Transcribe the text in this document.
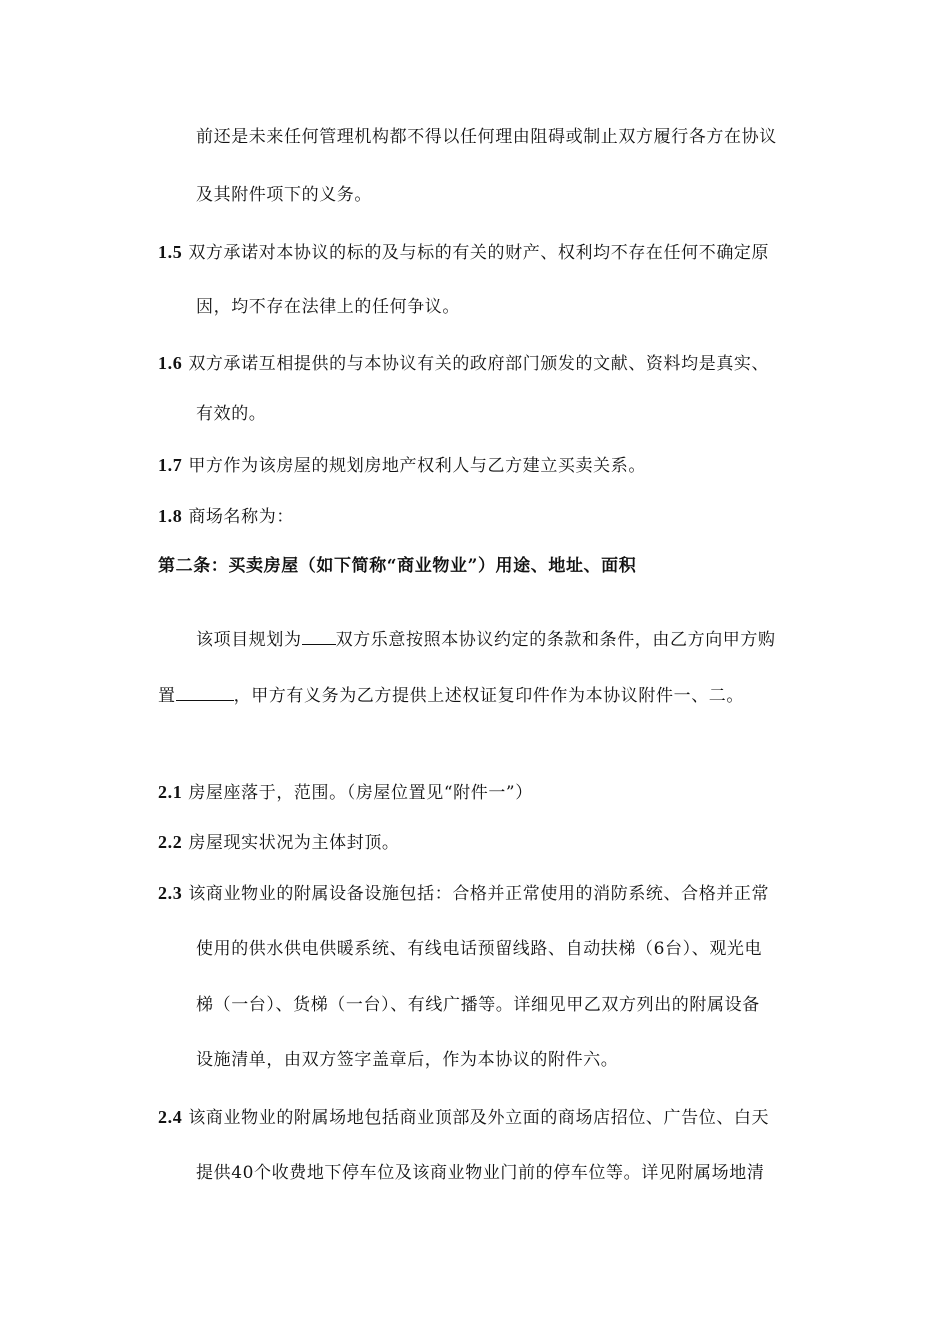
前还是未来任何管理机构都不得以任何理由阻碍或制止双方履行各方在协议
及其附件项下的义务。
1.5 双方承诺对本协议的标的及与标的有关的财产、权利均不存在任何不确定原
因，均不存在法律上的任何争议。
1.6 双方承诺互相提供的与本协议有关的政府部门颁发的文献、资料均是真实、
有效的。
1.7 甲方作为该房屋的规划房地产权利人与乙方建立买卖关系。
1.8 商场名称为：
第二条：买卖房屋（如下简称“商业物业”）用途、地址、面积
该项目规划为 双方乐意按照本协议约定的条款和条件，由乙方向甲方购
置	，甲方有义务为乙方提供上述权证复印件作为本协议附件一、二。
2.1 房屋座落于，范围。（房屋位置见“附件一”）
2.2 房屋现实状况为主体封顶。
2.3 该商业物业的附属设备设施包括：合格并正常使用的消防系统、合格并正常
使用的供水供电供暖系统、有线电话预留线路、自动扶梯（6台）、观光电
梯（一台）、货梯（一台）、有线广播等。详细见甲乙双方列出的附属设备
设施清单，由双方签字盖章后，作为本协议的附件六。
2.4 该商业物业的附属场地包括商业顶部及外立面的商场店招位、广告位、白天
提供40个收费地下停车位及该商业物业门前的停车位等。详见附属场地清
